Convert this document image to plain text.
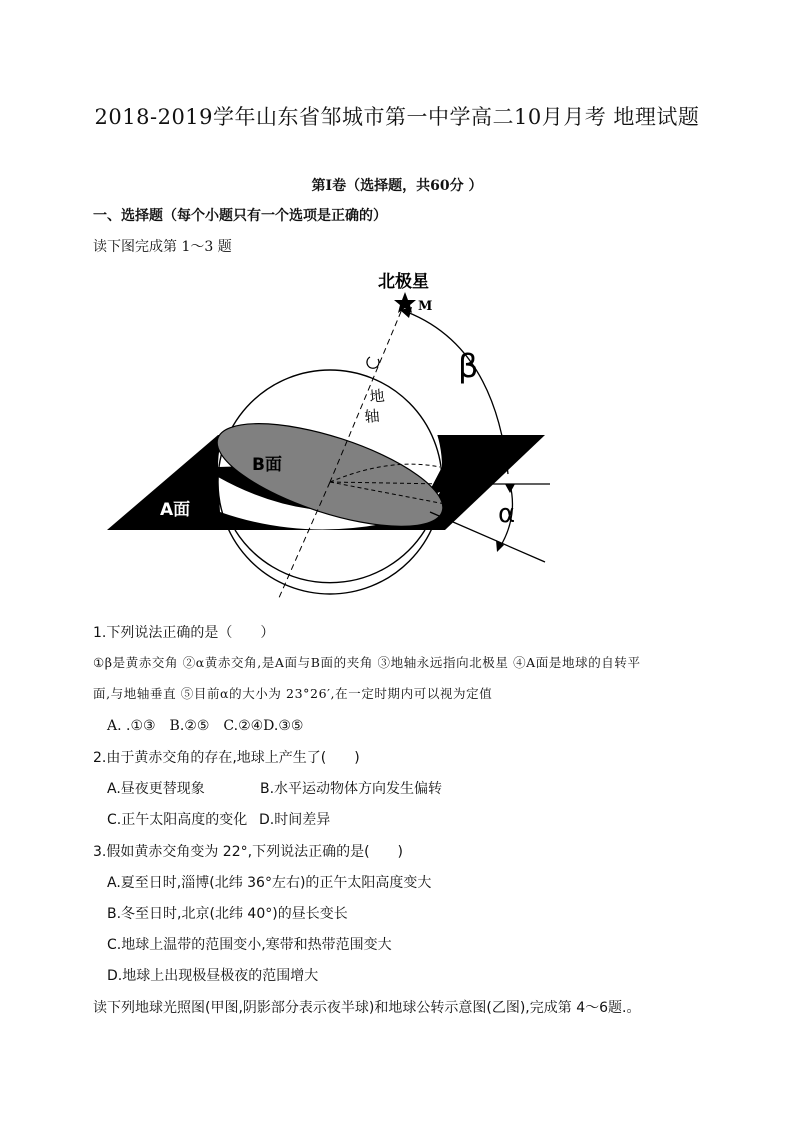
2018-2019学年山东省邹城市第一中学高二10月月考 地理试题
第Ⅰ卷（选择题，共60分 ）
一、选择题（每个小题只有一个选项是正确的）
读下图完成第 1～3 题
北极星
M
β
地
轴
B面
A面	α
1.下列说法正确的是（　　）
①β是黄赤交角 ②α黄赤交角,是A面与B面的夹角 ③地轴永远指向北极星 ④A面是地球的自转平
面,与地轴垂直 ⑤目前α的大小为 23°26′,在一定时期内可以视为定值
A. .①③　B.②⑤　C.②④D.③⑤
2.由于黄赤交角的存在,地球上产生了(　　)
A.昼夜更替现象	B.水平运动物体方向发生偏转
C.正午太阳高度的变化 D.时间差异
3.假如黄赤交角变为 22°,下列说法正确的是(　　)
A.夏至日时,淄博(北纬 36°左右)的正午太阳高度变大
B.冬至日时,北京(北纬 40°)的昼长变长
C.地球上温带的范围变小,寒带和热带范围变大
D.地球上出现极昼极夜的范围增大
读下列地球光照图(甲图,阴影部分表示夜半球)和地球公转示意图(乙图),完成第 4～6题.。
